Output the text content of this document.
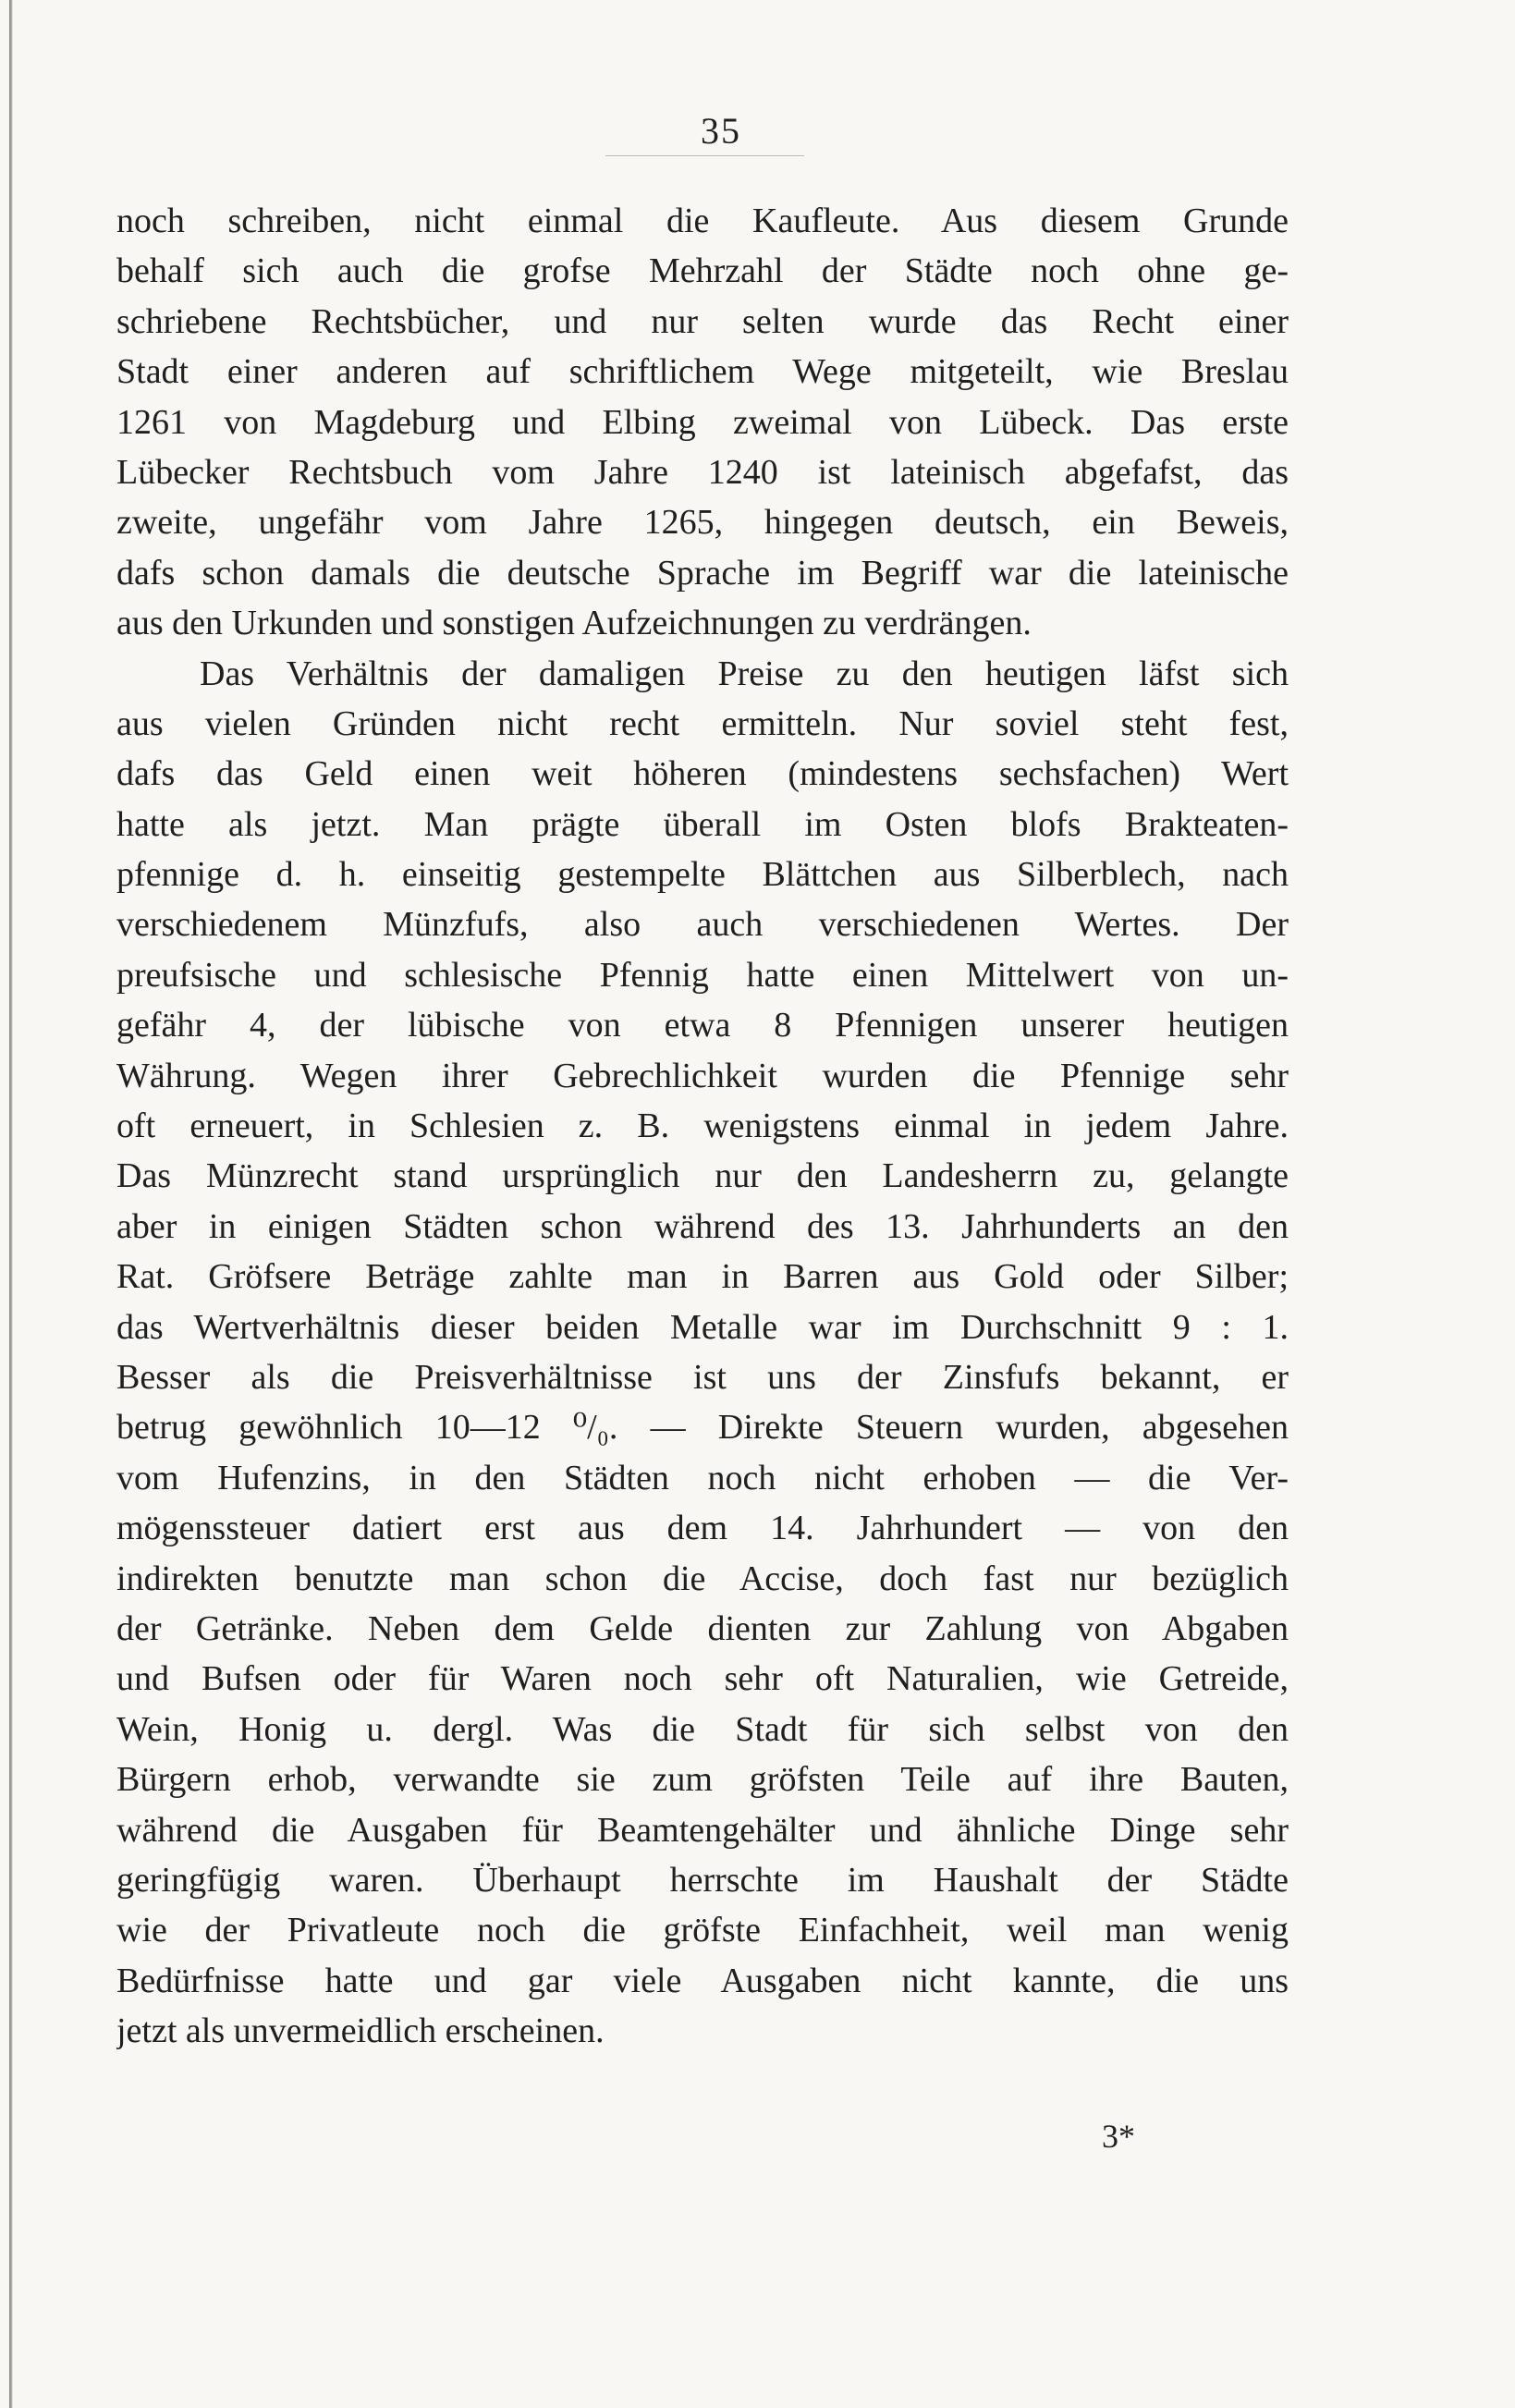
35
noch schreiben, nicht einmal die Kaufleute. Aus diesem Grunde
behalf sich auch die grofse Mehrzahl der Städte noch ohne ge-
schriebene Rechtsbücher, und nur selten wurde das Recht einer
Stadt einer anderen auf schriftlichem Wege mitgeteilt, wie Breslau
1261 von Magdeburg und Elbing zweimal von Lübeck. Das erste
Lübecker Rechtsbuch vom Jahre 1240 ist lateinisch abgefafst, das
zweite, ungefähr vom Jahre 1265, hingegen deutsch, ein Beweis,
dafs schon damals die deutsche Sprache im Begriff war die lateinische
aus den Urkunden und sonstigen Aufzeichnungen zu verdrängen.
Das Verhältnis der damaligen Preise zu den heutigen läfst sich
aus vielen Gründen nicht recht ermitteln. Nur soviel steht fest,
dafs das Geld einen weit höheren (mindestens sechsfachen) Wert
hatte als jetzt. Man prägte überall im Osten blofs Brakteaten-
pfennige d. h. einseitig gestempelte Blättchen aus Silberblech, nach
verschiedenem Münzfufs, also auch verschiedenen Wertes. Der
preufsische und schlesische Pfennig hatte einen Mittelwert von un-
gefähr 4, der lübische von etwa 8 Pfennigen unserer heutigen
Währung. Wegen ihrer Gebrechlichkeit wurden die Pfennige sehr
oft erneuert, in Schlesien z. B. wenigstens einmal in jedem Jahre.
Das Münzrecht stand ursprünglich nur den Landesherrn zu, gelangte
aber in einigen Städten schon während des 13. Jahrhunderts an den
Rat. Gröfsere Beträge zahlte man in Barren aus Gold oder Silber;
das Wertverhältnis dieser beiden Metalle war im Durchschnitt 9 : 1.
Besser als die Preisverhältnisse ist uns der Zinsfufs bekannt, er
betrug gewöhnlich 10—12 ⁰/₀. — Direkte Steuern wurden, abgesehen
vom Hufenzins, in den Städten noch nicht erhoben — die Ver-
mögenssteuer datiert erst aus dem 14. Jahrhundert — von den
indirekten benutzte man schon die Accise, doch fast nur bezüglich
der Getränke. Neben dem Gelde dienten zur Zahlung von Abgaben
und Bufsen oder für Waren noch sehr oft Naturalien, wie Getreide,
Wein, Honig u. dergl. Was die Stadt für sich selbst von den
Bürgern erhob, verwandte sie zum gröfsten Teile auf ihre Bauten,
während die Ausgaben für Beamtengehälter und ähnliche Dinge sehr
geringfügig waren. Überhaupt herrschte im Haushalt der Städte
wie der Privatleute noch die gröfste Einfachheit, weil man wenig
Bedürfnisse hatte und gar viele Ausgaben nicht kannte, die uns
jetzt als unvermeidlich erscheinen.
3*
